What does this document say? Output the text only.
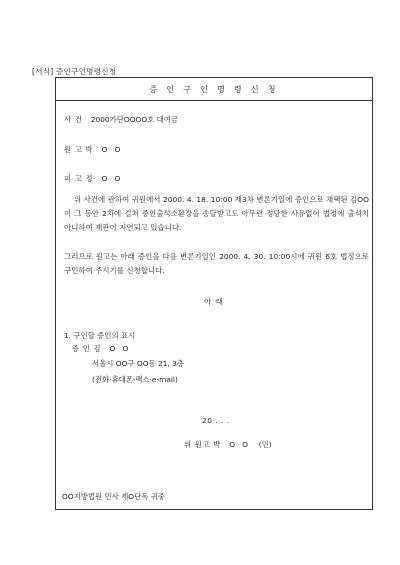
[서식] 증인구인명령신청
증 인 구 인 명 령 신 청
사 건 2000가단OOOO호 대여금
원 고 박 O O
피 고 정 O O
위 사건에 관하여 귀원에서 2000. 4. 18. 10:00 제3차 변론기일에 증인으로 채택된 김OO이 그 동안 2차에 걸쳐 증인출석소환장을 송달받고도 아무런 정당한 사유없이 법정에 출석치 아니하여 재판이 지연되고 있습니다.
그러므로 원고는 아래 증인을 다음 변론기일인 2000. 4. 30. 10:00시에 귀원 6호 법정으로 구인하여 주시기를 신청합니다.
아 래
1. 구인할 증인의 표시
증 인 김 O O
서울시 OO구 OO동 21, 3층
(전화·휴대폰·팩스·e-mail)
20 . . .
위 원고 박 O O (인)
OO지방법원 민사 제O단독 귀중
